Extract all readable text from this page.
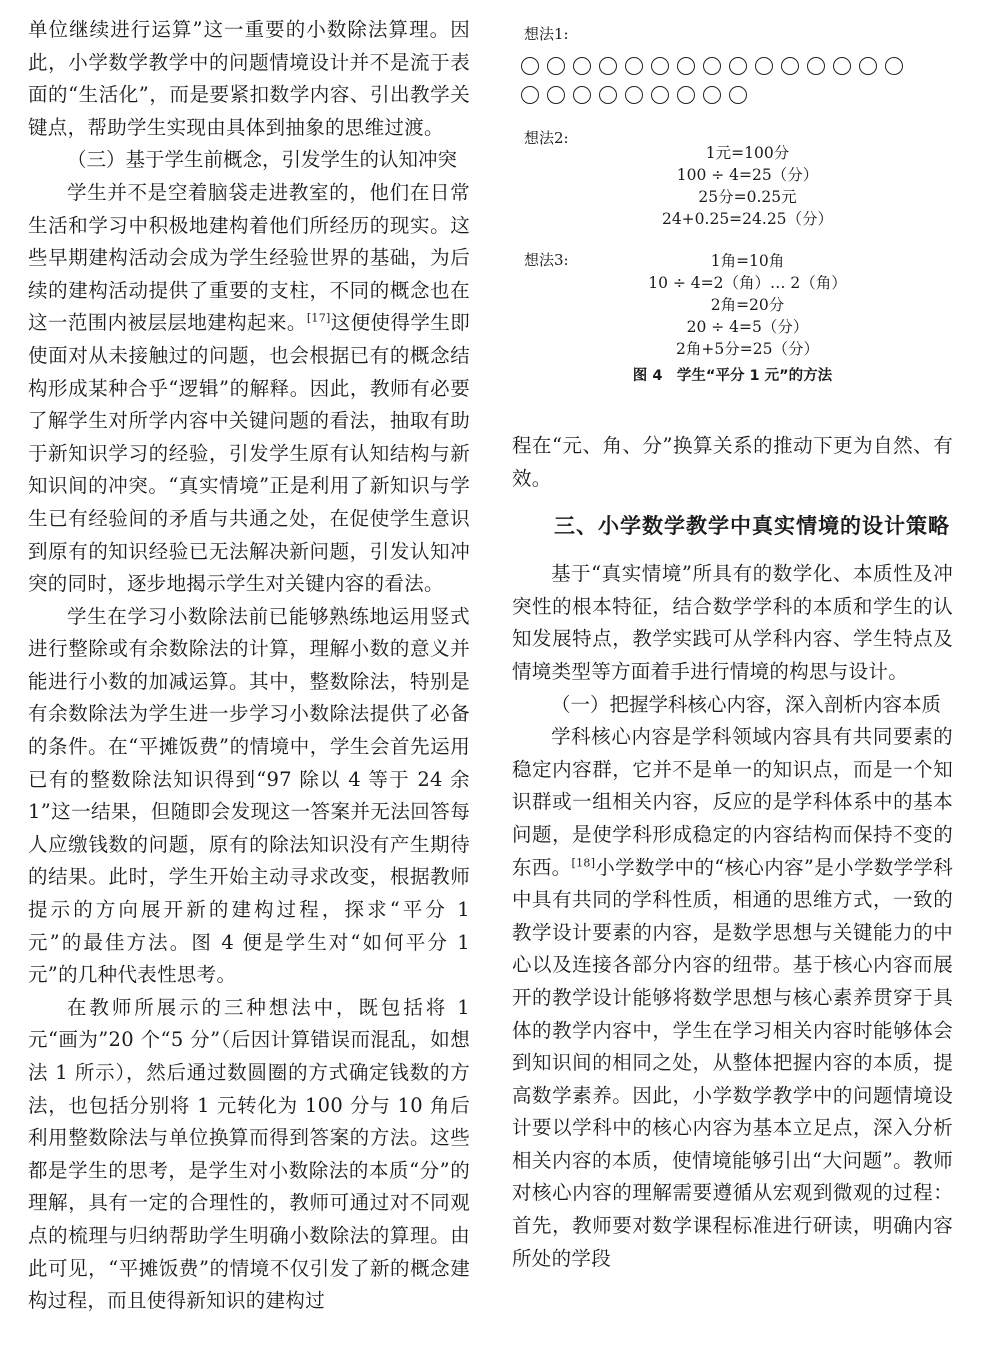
单位继续进行运算”这一重要的小数除法算理。因此，小学数学教学中的问题情境设计并不是流于表面的“生活化”，而是要紧扣数学内容、引出教学关键点，帮助学生实现由具体到抽象的思维过渡。

（三）基于学生前概念，引发学生的认知冲突

学生并不是空着脑袋走进教室的，他们在日常生活和学习中积极地建构着他们所经历的现实。这些早期建构活动会成为学生经验世界的基础，为后续的建构活动提供了重要的支柱，不同的概念也在这一范围内被层层地建构起来。[17]这便使得学生即使面对从未接触过的问题，也会根据已有的概念结构形成某种合乎“逻辑”的解释。因此，教师有必要了解学生对所学内容中关键问题的看法，抽取有助于新知识学习的经验，引发学生原有认知结构与新知识间的冲突。“真实情境”正是利用了新知识与学生已有经验间的矛盾与共通之处，在促使学生意识到原有的知识经验已无法解决新问题，引发认知冲突的同时，逐步地揭示学生对关键内容的看法。

学生在学习小数除法前已能够熟练地运用竖式进行整除或有余数除法的计算，理解小数的意义并能进行小数的加减运算。其中，整数除法，特别是有余数除法为学生进一步学习小数除法提供了必备的条件。在“平摊饭费”的情境中，学生会首先运用已有的整数除法知识得到“97 除以 4 等于 24 余 1”这一结果，但随即会发现这一答案并无法回答每人应缴钱数的问题，原有的除法知识没有产生期待的结果。此时，学生开始主动寻求改变，根据教师提示的方向展开新的建构过程，探求“平分 1 元”的最佳方法。图 4 便是学生对“如何平分 1 元”的几种代表性思考。

在教师所展示的三种想法中，既包括将 1 元“画为”20 个“5 分”（后因计算错误而混乱，如想法 1 所示），然后通过数圆圈的方式确定钱数的方法，也包括分别将 1 元转化为 100 分与 10 角后利用整数除法与单位换算而得到答案的方法。这些都是学生的思考，是学生对小数除法的本质“分”的理解，具有一定的合理性的，教师可通过对不同观点的梳理与归纳帮助学生明确小数除法的算理。由此可见，“平摊饭费”的情境不仅引发了新的概念建构过程，而且使得新知识的建构过

想法1:

想法2:

1元=100分

100 ÷ 4=25（分）

25分=0.25元

24+0.25=24.25（分）

想法3:	1角=10角

10 ÷ 4=2（角）… 2（角）

2角=20分

20 ÷ 4=5（分）

2角+5分=25（分）

图 4　学生“平分 1 元”的方法

程在“元、角、分”换算关系的推动下更为自然、有效。

三、小学数学教学中真实情境的设计策略

基于“真实情境”所具有的数学化、本质性及冲突性的根本特征，结合数学学科的本质和学生的认知发展特点，教学实践可从学科内容、学生特点及情境类型等方面着手进行情境的构思与设计。

（一）把握学科核心内容，深入剖析内容本质

学科核心内容是学科领域内容具有共同要素的稳定内容群，它并不是单一的知识点，而是一个知识群或一组相关内容，反应的是学科体系中的基本问题，是使学科形成稳定的内容结构而保持不变的东西。[18]小学数学中的“核心内容”是小学数学学科中具有共同的学科性质，相通的思维方式，一致的教学设计要素的内容，是数学思想与关键能力的中心以及连接各部分内容的纽带。基于核心内容而展开的教学设计能够将数学思想与核心素养贯穿于具体的教学内容中，学生在学习相关内容时能够体会到知识间的相同之处，从整体把握内容的本质，提高数学素养。因此，小学数学教学中的问题情境设计要以学科中的核心内容为基本立足点，深入分析相关内容的本质，使情境能够引出“大问题”。教师对核心内容的理解需要遵循从宏观到微观的过程：首先，教师要对数学课程标准进行研读，明确内容所处的学段
